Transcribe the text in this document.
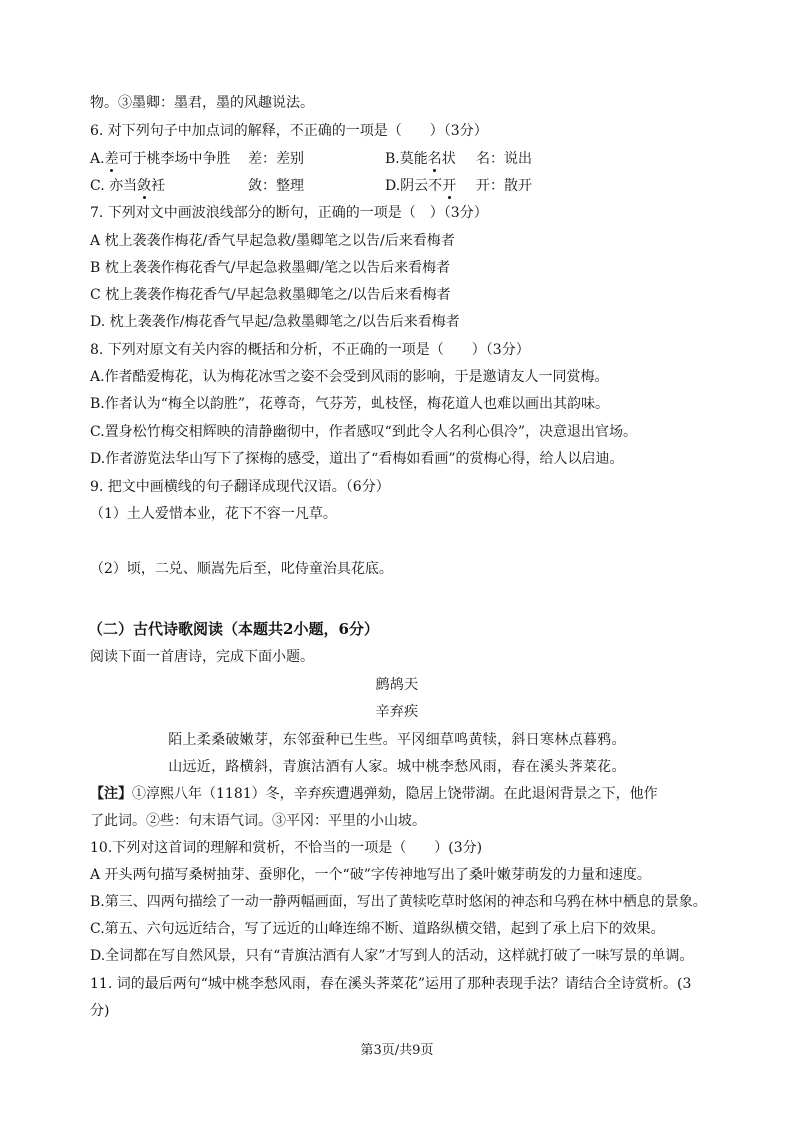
物。③墨卿：墨君，墨的风趣说法。
6. 对下列句子中加点词的解释，不正确的一项是（　　）（3分）
A.差可于桃李场中争胜 差：差别	B.莫能名状 名：说出
C. 亦当敛衽	敛：整理	D.阴云不开 开：散开
7. 下列对文中画波浪线部分的断句，正确的一项是（　）（3分）
A 枕上袭袭作梅花/香气早起急救/墨卿笔之以告/后来看梅者
B 枕上袭袭作梅花香气/早起急救墨卿/笔之以告后来看梅者
C 枕上袭袭作梅花香气/早起急救墨卿笔之/以告后来看梅者
D. 枕上袭袭作/梅花香气早起/急救墨卿笔之/以告后来看梅者
8. 下列对原文有关内容的概括和分析，不正确的一项是（　　）（3分）
A.作者酷爱梅花，认为梅花冰雪之姿不会受到风雨的影响，于是邀请友人一同赏梅。
B.作者认为“梅全以韵胜”，花尊奇，气芬芳，虬枝怪，梅花道人也难以画出其韵味。
C.置身松竹梅交相辉映的清静幽彻中，作者感叹“到此令人名利心俱冷”，决意退出官场。
D.作者游览法华山写下了探梅的感受，道出了“看梅如看画”的赏梅心得，给人以启迪。
9. 把文中画横线的句子翻译成现代汉语。（6分）
（1）土人爱惜本业，花下不容一凡草。
（2）顷，二兑、顺嵩先后至，叱侍童治具花底。
（二）古代诗歌阅读（本题共2小题，6分）
阅读下面一首唐诗，完成下面小题。
鹧鸪天
辛弃疾
陌上柔桑破嫩芽，东邻蚕种已生些。平冈细草鸣黄犊，斜日寒林点暮鸦。
山远近，路横斜，青旗沽酒有人家。城中桃李愁风雨，春在溪头荠菜花。
【注】①淳熙八年（1181）冬，辛弃疾遭遇弹劾，隐居上饶带湖。在此退闲背景之下，他作
了此词。②些：句末语气词。③平冈：平里的小山坡。
10.下列对这首词的理解和赏析，不恰当的一项是（　　）(3分)
A 开头两句描写桑树抽芽、蚕卵化，一个“破”字传神地写出了桑叶嫩芽萌发的力量和速度。
B.第三、四两句描绘了一动一静两幅画面，写出了黄犊吃草时悠闲的神态和乌鸦在林中栖息的景象。
C.第五、六句远近结合，写了远近的山峰连绵不断、道路纵横交错，起到了承上启下的效果。
D.全词都在写自然风景，只有“青旗沽酒有人家”才写到人的活动，这样就打破了一味写景的单调。
11. 词的最后两句“城中桃李愁风雨，春在溪头荠菜花”运用了那种表现手法？请结合全诗赏析。(3
分)
第3页/共9页
